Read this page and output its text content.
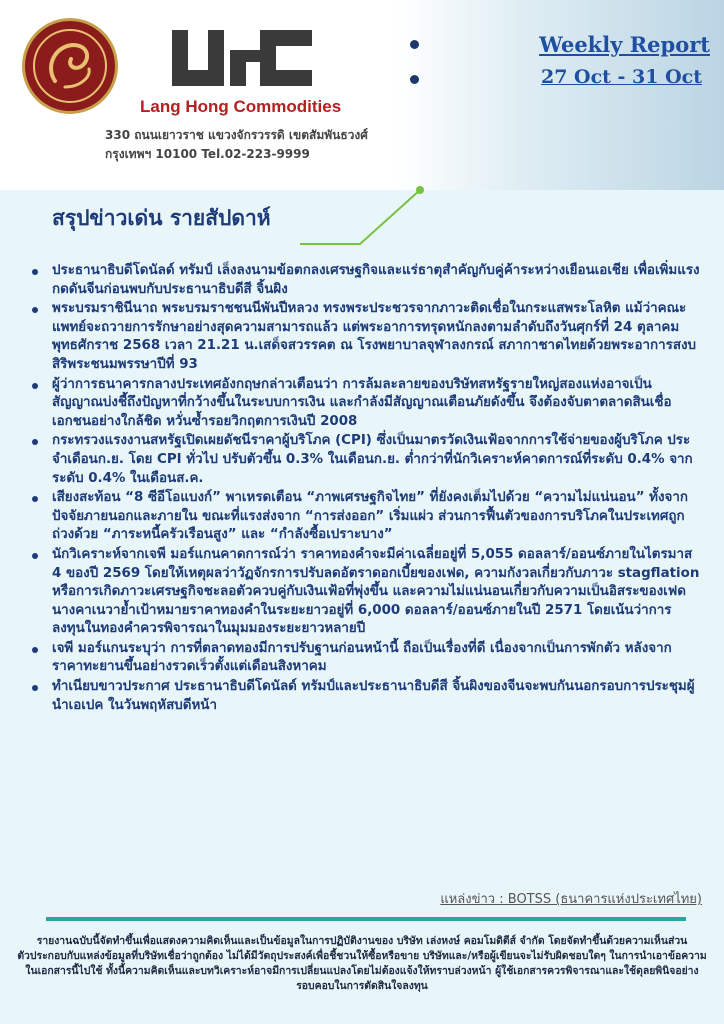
Lang Hong Commodities
330 ถนนเยาวราช แขวงจักรวรรดิ เขตสัมพันธวงศ์
กรุงเทพฯ 10100 Tel.02-223-9999
Weekly Report
27 Oct - 31 Oct
สรุปข่าวเด่น รายสัปดาห์
ประธานาธิบดีโดนัลด์ ทรัมป์ เล็งลงนามข้อตกลงเศรษฐกิจและแร่ธาตุสำคัญกับคู่ค้าระหว่างเยือนเอเชีย เพื่อเพิ่มแรงกดดันจีนก่อนพบกับประธานาธิบดีสี จิ้นผิง
พระบรมราชินีนาถ พระบรมราชชนนีพันปีหลวง ทรงพระประชวรจากภาวะติดเชื่อในกระแสพระโลหิต แม้ว่าคณะแพทย์จะถวายการรักษาอย่างสุดความสามารถแล้ว แต่พระอาการทรุดหนักลงตามลำดับถึงวันศุกร์ที่ 24 ตุลาคม พุทธศักราช 2568 เวลา 21.21 น.เสด็จสวรรคต ณ โรงพยาบาลจุฬาลงกรณ์ สภากาชาดไทยด้วยพระอาการสงบ สิริพระชนมพรรษาปีที่ 93
ผู้ว่าการธนาคารกลางประเทศอังกฤษกล่าวเตือนว่า การล้มละลายของบริษัทสหรัฐรายใหญ่สองแห่งอาจเป็นสัญญาณบ่งชี้ถึงปัญหาที่กว้างขึ้นในระบบการเงิน และกำลังมีสัญญาณเตือนภัยดังขึ้น จึงต้องจับตาตลาดสินเชื่อเอกชนอย่างใกล้ชิด หวั่นซ้ำรอยวิกฤตการเงินปี 2008
กระทรวงแรงงานสหรัฐเปิดเผยดัชนีราคาผู้บริโภค (CPI) ซึ่งเป็นมาตรวัดเงินเฟ้อจากการใช้จ่ายของผู้บริโภค ประจำเดือนก.ย. โดย CPI ทั่วไป ปรับตัวขึ้น 0.3% ในเดือนก.ย. ต่ำกว่าที่นักวิเคราะห์คาดการณ์ที่ระดับ 0.4% จากระดับ 0.4% ในเดือนส.ค.
เสียงสะท้อน “8 ซีอีโอแบงก์” พาเหรดเตือน “ภาพเศรษฐกิจไทย” ที่ยังคงเต็มไปด้วย “ความไม่แน่นอน” ทั้งจากปัจจัยภายนอกและภายใน ขณะที่แรงส่งจาก “การส่งออก” เริ่มแผ่ว ส่วนการฟื้นตัวของการบริโภคในประเทศถูกถ่วงด้วย “ภาระหนี้ครัวเรือนสูง” และ “กำลังซื้อเปราะบาง”
นักวิเคราะห์จากเจพี มอร์แกนคาดการณ์ว่า ราคาทองคำจะมีค่าเฉลี่ยอยู่ที่ 5,055 ดอลลาร์/ออนซ์ภายในไตรมาส 4 ของปี 2569 โดยให้เหตุผลว่าวัฏจักรการปรับลดอัตราดอกเบี้ยของเฟด, ความกังวลเกี่ยวกับภาวะ stagflation หรือการเกิดภาวะเศรษฐกิจชะลอตัวควบคู่กับเงินเฟ้อที่พุ่งขึ้น และความไม่แน่นอนเกี่ยวกับความเป็นอิสระของเฟด นางคาเนวาย้ำเป้าหมายราคาทองคำในระยะยาวอยู่ที่ 6,000 ดอลลาร์/ออนซ์ภายในปี 2571 โดยเน้นว่าการลงทุนในทองคำควรพิจารณาในมุมมองระยะยาวหลายปี
เจพี มอร์แกนระบุว่า การที่ตลาดทองมีการปรับฐานก่อนหน้านี้ ถือเป็นเรื่องที่ดี เนื่องจากเป็นการพักตัว หลังจากราคาทะยานขึ้นอย่างรวดเร็วตั้งแต่เดือนสิงหาคม
ทำเนียบขาวประกาศ ประธานาธิบดีโดนัลด์ ทรัมป์และประธานาธิบดีสี จิ้นผิงของจีนจะพบกันนอกรอบการประชุมผู้นำเอเปค ในวันพฤหัสบดีหน้า
แหล่งข่าว : BOTSS (ธนาคารแห่งประเทศไทย)
รายงานฉบับนี้จัดทำขึ้นเพื่อแสดงความคิดเห็นและเป็นข้อมูลในการปฏิบัติงานของ บริษัท เล่งหงษ์ คอมโมดิตีส์ จำกัด โดยจัดทำขึ้นด้วยความเห็นส่วนตัวประกอบกับแหล่งข้อมูลที่บริษัทเชื่อว่าถูกต้อง ไม่ได้มีวัตถุประสงค์เพื่อชี้ชวนให้ซื้อหรือขาย บริษัทและ/หรือผู้เขียนจะไม่รับผิดชอบใดๆ ในการนำเอาข้อความในเอกสารนี้ไปใช้ ทั้งนี้ความคิดเห็นและบทวิเคราะห์อาจมีการเปลี่ยนแปลงโดยไม่ต้องแจ้งให้ทราบล่วงหน้า ผู้ใช้เอกสารควรพิจารณาและใช้ดุลยพินิจอย่างรอบคอบในการตัดสินใจลงทุน
